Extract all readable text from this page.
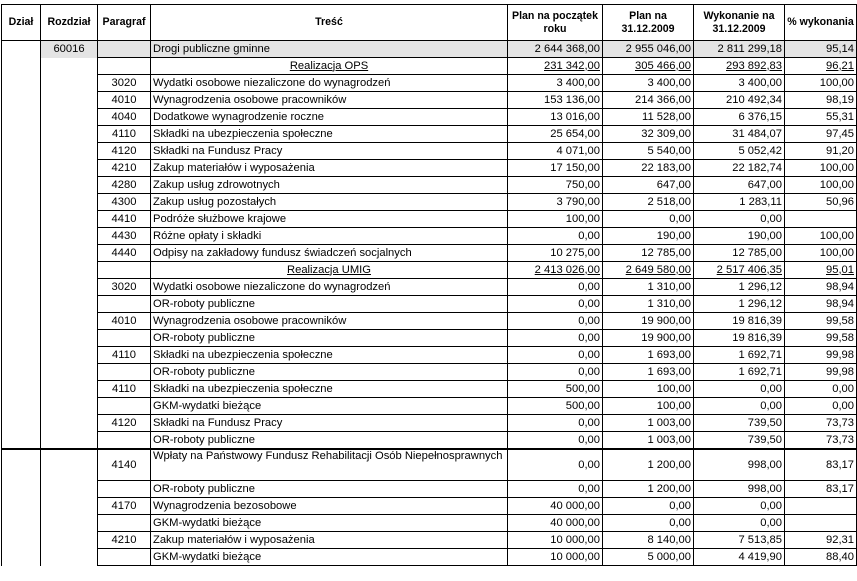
Dział	Rozdział	Paragraf	Treść	Plan na początek roku	Plan na 31.12.2009	Wykonanie na 31.12.2009	% wykonania
	60016		Drogi publiczne gminne	2 644 368,00	2 955 046,00	2 811 299,18	95,14
			Realizacja OPS	231 342,00	305 466,00	293 892,83	96,21
		3020	Wydatki osobowe niezaliczone do wynagrodzeń	3 400,00	3 400,00	3 400,00	100,00
		4010	Wynagrodzenia osobowe pracowników	153 136,00	214 366,00	210 492,34	98,19
		4040	Dodatkowe wynagrodzenie roczne	13 016,00	11 528,00	6 376,15	55,31
		4110	Składki na ubezpieczenia społeczne	25 654,00	32 309,00	31 484,07	97,45
		4120	Składki na Fundusz Pracy	4 071,00	5 540,00	5 052,42	91,20
		4210	Zakup materiałów i wyposażenia	17 150,00	22 183,00	22 182,74	100,00
		4280	Zakup usług zdrowotnych	750,00	647,00	647,00	100,00
		4300	Zakup usług pozostałych	3 790,00	2 518,00	1 283,11	50,96
		4410	Podróże służbowe krajowe	100,00	0,00	0,00	
		4430	Różne opłaty i składki	0,00	190,00	190,00	100,00
		4440	Odpisy na zakładowy fundusz świadczeń socjalnych	10 275,00	12 785,00	12 785,00	100,00
			Realizacja UMIG	2 413 026,00	2 649 580,00	2 517 406,35	95,01
		3020	Wydatki osobowe niezaliczone do wynagrodzeń	0,00	1 310,00	1 296,12	98,94
			OR-roboty publiczne	0,00	1 310,00	1 296,12	98,94
		4010	Wynagrodzenia osobowe pracowników	0,00	19 900,00	19 816,39	99,58
			OR-roboty publiczne	0,00	19 900,00	19 816,39	99,58
		4110	Składki na ubezpieczenia społeczne	0,00	1 693,00	1 692,71	99,98
			OR-roboty publiczne	0,00	1 693,00	1 692,71	99,98
		4110	Składki na ubezpieczenia społeczne	500,00	100,00	0,00	0,00
			GKM-wydatki bieżące	500,00	100,00	0,00	0,00
		4120	Składki na Fundusz Pracy	0,00	1 003,00	739,50	73,73
			OR-roboty publiczne	0,00	1 003,00	739,50	73,73
		4140	Wpłaty na Państwowy Fundusz Rehabilitacji Osób Niepełnosprawnych	0,00	1 200,00	998,00	83,17
			OR-roboty publiczne	0,00	1 200,00	998,00	83,17
		4170	Wynagrodzenia bezosobowe	40 000,00	0,00	0,00	
			GKM-wydatki bieżące	40 000,00	0,00	0,00	
		4210	Zakup materiałów i wyposażenia	10 000,00	8 140,00	7 513,85	92,31
			GKM-wydatki bieżące	10 000,00	5 000,00	4 419,90	88,40
